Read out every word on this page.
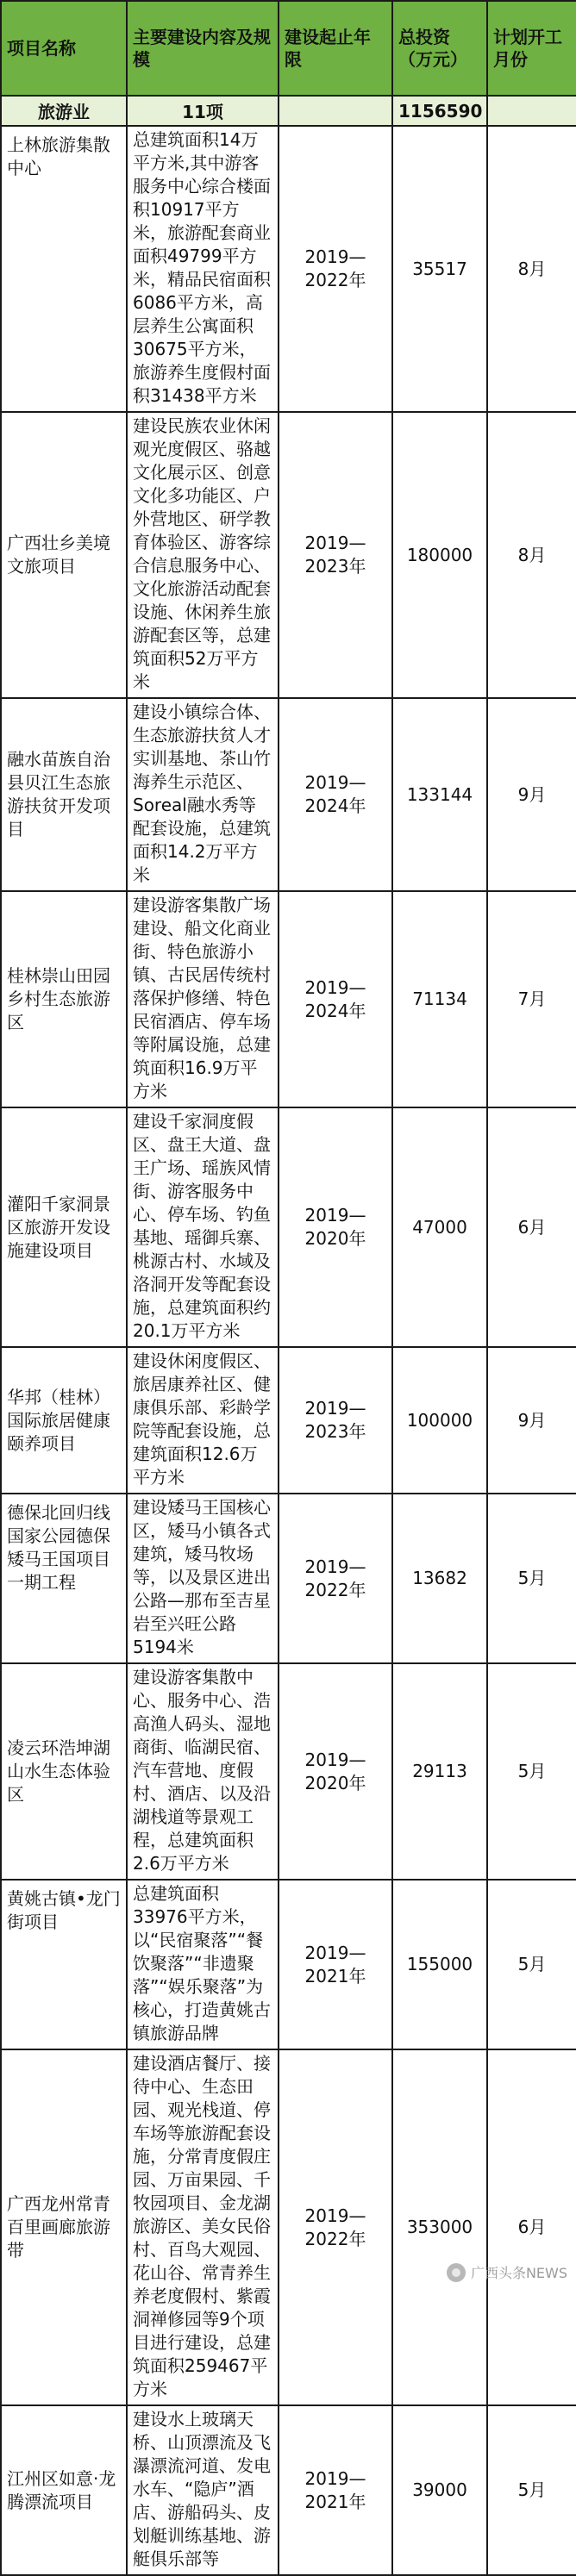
项目名称	主要建设内容及规模	建设起止年限	总投资（万元）	计划开工月份
旅游业	11项		1156590	
上林旅游集散中心	总建筑面积14万平方米,其中游客服务中心综合楼面积10917平方米，旅游配套商业面积49799平方米，精品民宿面积6086平方米，高层养生公寓面积30675平方米，旅游养生度假村面积31438平方米	2019—2022年	35517	8月
广西壮乡美境文旅项目	建设民族农业休闲观光度假区、骆越文化展示区、创意文化多功能区、户外营地区、研学教育体验区、游客综合信息服务中心、文化旅游活动配套设施、休闲养生旅游配套区等，总建筑面积52万平方米	2019—2023年	180000	8月
融水苗族自治县贝江生态旅游扶贫开发项目	建设小镇综合体、生态旅游扶贫人才实训基地、茶山竹海养生示范区、Soreal融水秀等配套设施，总建筑面积14.2万平方米	2019—2024年	133144	9月
桂林崇山田园乡村生态旅游区	建设游客集散广场建设、船文化商业街、特色旅游小镇、古民居传统村落保护修缮、特色民宿酒店、停车场等附属设施，总建筑面积16.9万平方米	2019—2024年	71134	7月
灌阳千家洞景区旅游开发设施建设项目	建设千家洞度假区、盘王大道、盘王广场、瑶族风情街、游客服务中心、停车场、钓鱼基地、瑶御兵寨、桃源古村、水域及洛洞开发等配套设施，总建筑面积约20.1万平方米	2019—2020年	47000	6月
华邦（桂林）国际旅居健康颐养项目	建设休闲度假区、旅居康养社区、健康俱乐部、彩龄学院等配套设施，总建筑面积12.6万平方米	2019—2023年	100000	9月
德保北回归线国家公园德保矮马王国项目一期工程	建设矮马王国核心区，矮马小镇各式建筑，矮马牧场等，以及景区进出公路—那布至吉星岩至兴旺公路 5194米	2019—2022年	13682	5月
凌云环浩坤湖山水生态体验区	建设游客集散中心、服务中心、浩高渔人码头、湿地商街、临湖民宿、汽车营地、度假村、酒店、以及沿湖栈道等景观工程，总建筑面积2.6万平方米	2019—2020年	29113	5月
黄姚古镇•龙门街项目	总建筑面积33976平方米，以“民宿聚落”“餐饮聚落”“非遗聚落”“娱乐聚落”为核心，打造黄姚古镇旅游品牌	2019—2021年	155000	5月
广西龙州常青百里画廊旅游带	建设酒店餐厅、接待中心、生态田园、观光栈道、停车场等旅游配套设施，分常青度假庄园、万亩果园、千牧园项目、金龙湖旅游区、美女民俗村、百鸟大观园、花山谷、常青养生养老度假村、紫霞洞禅修园等9个项目进行建设，总建筑面积259467平方米	2019—2022年	353000	6月
江州区如意·龙腾漂流项目	建设水上玻璃天桥、山顶漂流及飞瀑漂流河道、发电水车、“隐庐”酒店、游船码头、皮划艇训练基地、游艇俱乐部等	2019—2021年	39000	5月
广西头条NEWS
